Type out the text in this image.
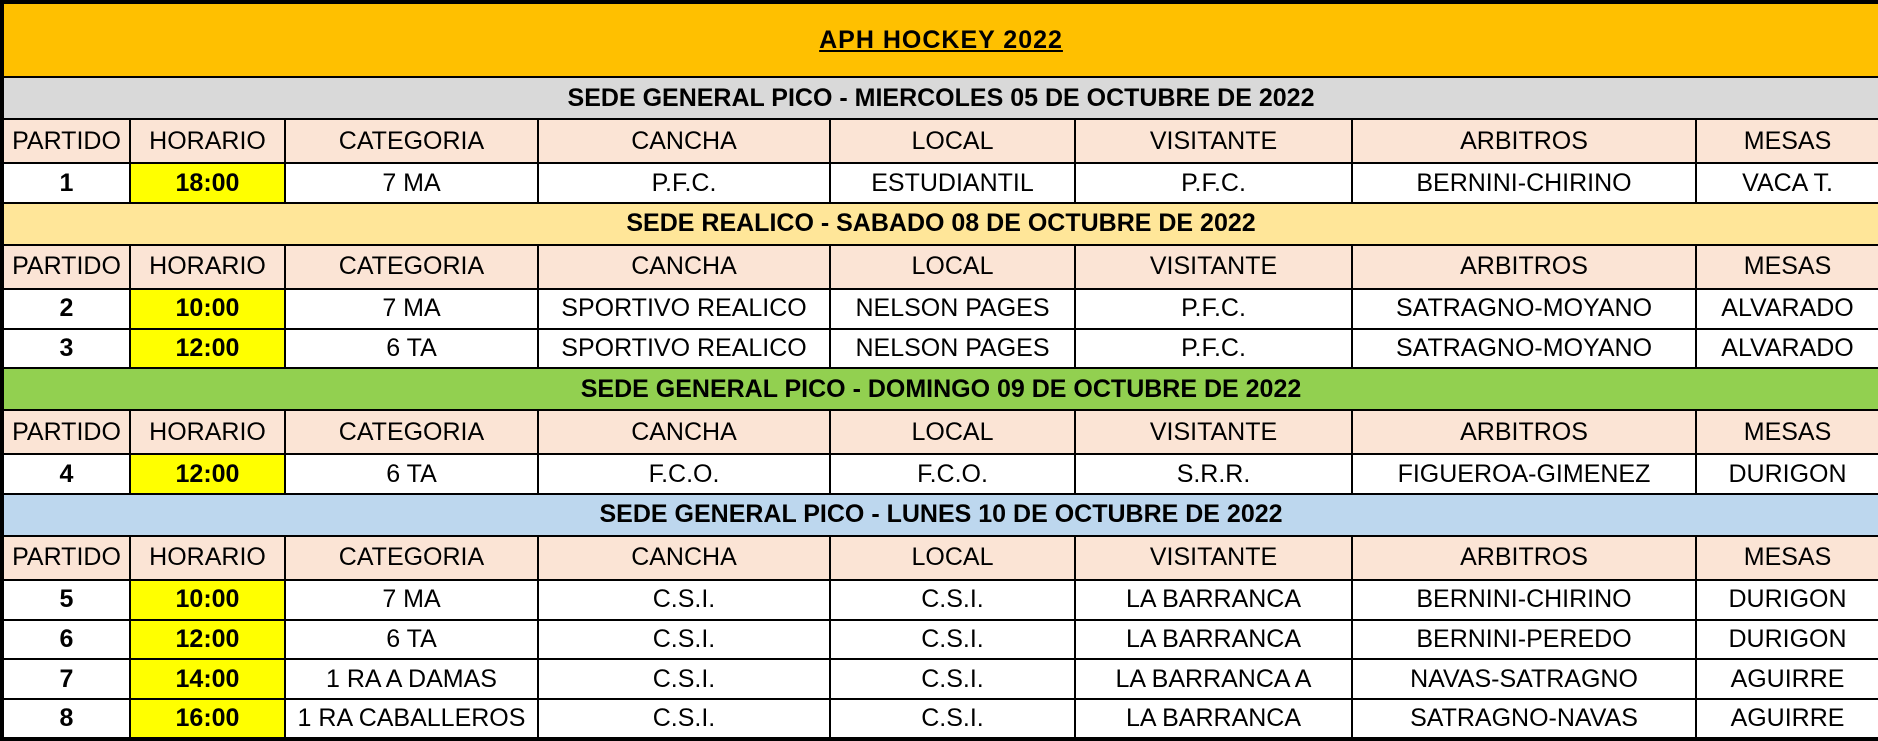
APH HOCKEY 2022							
SEDE GENERAL PICO - MIERCOLES 05 DE OCTUBRE DE 2022							
PARTIDO	HORARIO	CATEGORIA	CANCHA	LOCAL	VISITANTE	ARBITROS	MESAS
1	18:00	7 MA	P.F.C.	ESTUDIANTIL	P.F.C.	BERNINI-CHIRINO	VACA T.
SEDE REALICO - SABADO 08 DE OCTUBRE DE 2022							
PARTIDO	HORARIO	CATEGORIA	CANCHA	LOCAL	VISITANTE	ARBITROS	MESAS
2	10:00	7 MA	SPORTIVO REALICO	NELSON PAGES	P.F.C.	SATRAGNO-MOYANO	ALVARADO
3	12:00	6 TA	SPORTIVO REALICO	NELSON PAGES	P.F.C.	SATRAGNO-MOYANO	ALVARADO
SEDE GENERAL PICO - DOMINGO 09 DE OCTUBRE DE 2022							
PARTIDO	HORARIO	CATEGORIA	CANCHA	LOCAL	VISITANTE	ARBITROS	MESAS
4	12:00	6 TA	F.C.O.	F.C.O.	S.R.R.	FIGUEROA-GIMENEZ	DURIGON
SEDE GENERAL PICO - LUNES 10 DE OCTUBRE DE 2022							
PARTIDO	HORARIO	CATEGORIA	CANCHA	LOCAL	VISITANTE	ARBITROS	MESAS
5	10:00	7 MA	C.S.I.	C.S.I.	LA BARRANCA	BERNINI-CHIRINO	DURIGON
6	12:00	6 TA	C.S.I.	C.S.I.	LA BARRANCA	BERNINI-PEREDO	DURIGON
7	14:00	1 RA A DAMAS	C.S.I.	C.S.I.	LA BARRANCA A	NAVAS-SATRAGNO	AGUIRRE
8	16:00	1 RA CABALLEROS	C.S.I.	C.S.I.	LA BARRANCA	SATRAGNO-NAVAS	AGUIRRE
